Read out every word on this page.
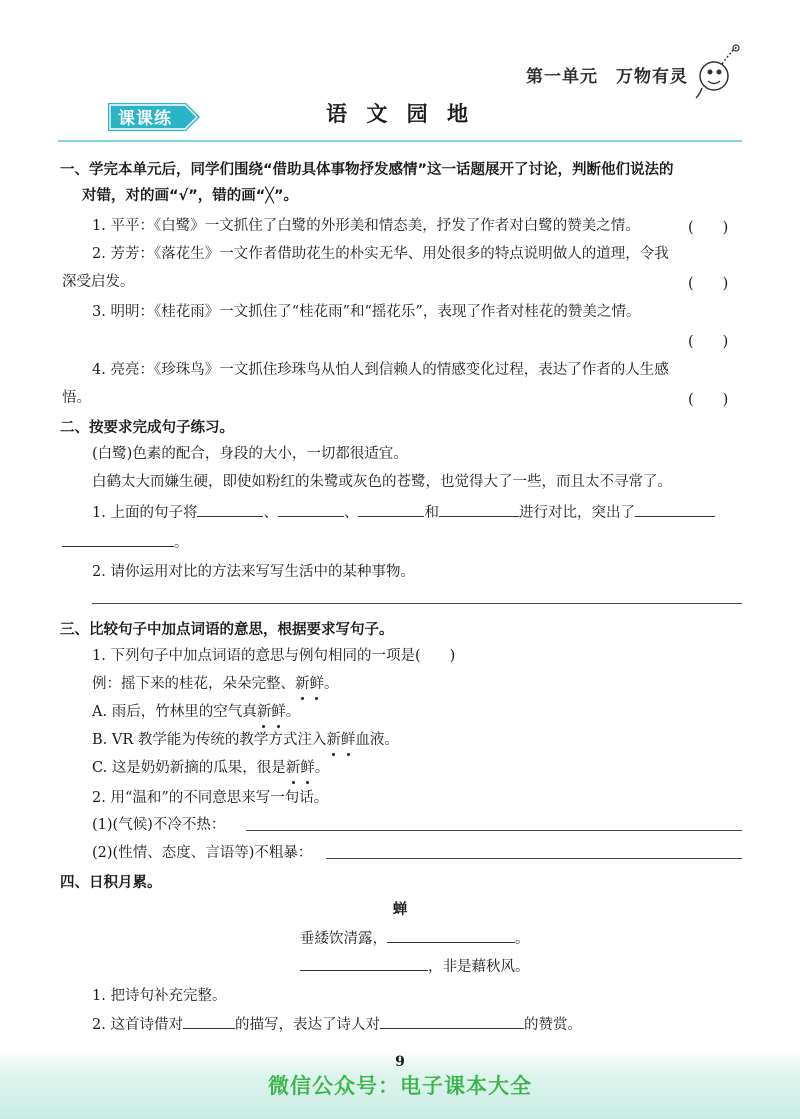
第一单元　万物有灵
课课练	语 文 园 地
一、学完本单元后，同学们围绕“借助具体事物抒发感情”这一话题展开了讨论，判断他们说法的
对错，对的画“√”，错的画“╳”。
1. 平平：《白鹭》一文抓住了白鹭的外形美和情态美，抒发了作者对白鹭的赞美之情。	(　　)
2. 芳芳：《落花生》一文作者借助花生的朴实无华、用处很多的特点说明做人的道理，令我
深受启发。	(　　)
3. 明明：《桂花雨》一文抓住了“桂花雨”和“摇花乐”，表现了作者对桂花的赞美之情。
(　　)
4. 亮亮：《珍珠鸟》一文抓住珍珠鸟从怕人到信赖人的情感变化过程，表达了作者的人生感
悟。	(　　)
二、按要求完成句子练习。
(白鹭)色素的配合，身段的大小，一切都很适宜。
白鹤太大而嫌生硬，即使如粉红的朱鹭或灰色的苍鹭，也觉得大了一些，而且太不寻常了。
1. 上面的句子将	、	、	和	进行对比，突出了
。
2. 请你运用对比的方法来写写生活中的某种事物。
三、比较句子中加点词语的意思，根据要求写句子。
1. 下列句子中加点词语的意思与例句相同的一项是(　　)
例：摇下来的桂花，朵朵完整、新鲜。
A. 雨后，竹林里的空气真新鲜。
B. VR 教学能为传统的教学方式注入新鲜血液。
C. 这是奶奶新摘的瓜果，很是新鲜。
2. 用“温和”的不同意思来写一句话。
(1)(气候)不冷不热：
(2)(性情、态度、言语等)不粗暴：
四、日积月累。
蝉
垂緌饮清露，	。
，非是藉秋风。
1. 把诗句补充完整。
2. 这首诗借对	的描写，表达了诗人对	的赞赏。
9
微信公众号：电子课本大全
